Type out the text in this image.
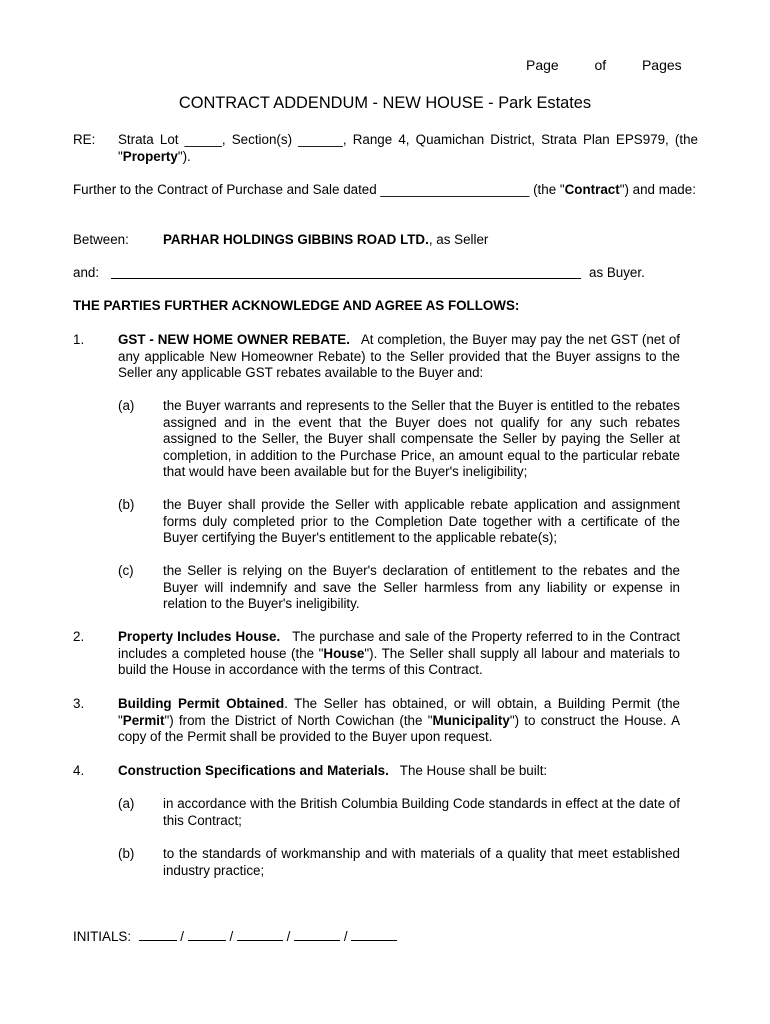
Page	of	Pages
CONTRACT ADDENDUM - NEW HOUSE - Park Estates
RE: Strata Lot _____, Section(s) ______, Range 4, Quamichan District, Strata Plan EPS979, (the "Property").
Further to the Contract of Purchase and Sale dated ____________________ (the "Contract") and made:
Between:	PARHAR HOLDINGS GIBBINS ROAD LTD., as Seller
and:	as Buyer.
THE PARTIES FURTHER ACKNOWLEDGE AND AGREE AS FOLLOWS:
1.	GST - NEW HOME OWNER REBATE. At completion, the Buyer may pay the net GST (net of any applicable New Homeowner Rebate) to the Seller provided that the Buyer assigns to the Seller any applicable GST rebates available to the Buyer and:
(a) the Buyer warrants and represents to the Seller that the Buyer is entitled to the rebates assigned and in the event that the Buyer does not qualify for any such rebates assigned to the Seller, the Buyer shall compensate the Seller by paying the Seller at completion, in addition to the Purchase Price, an amount equal to the particular rebate that would have been available but for the Buyer's ineligibility;
(b) the Buyer shall provide the Seller with applicable rebate application and assignment forms duly completed prior to the Completion Date together with a certificate of the Buyer certifying the Buyer's entitlement to the applicable rebate(s);
(c) the Seller is relying on the Buyer's declaration of entitlement to the rebates and the Buyer will indemnify and save the Seller harmless from any liability or expense in relation to the Buyer's ineligibility.
2.	Property Includes House. The purchase and sale of the Property referred to in the Contract includes a completed house (the "House"). The Seller shall supply all labour and materials to build the House in accordance with the terms of this Contract.
3.	Building Permit Obtained. The Seller has obtained, or will obtain, a Building Permit (the "Permit") from the District of North Cowichan (the "Municipality") to construct the House. A copy of the Permit shall be provided to the Buyer upon request.
4.	Construction Specifications and Materials. The House shall be built:
(a) in accordance with the British Columbia Building Code standards in effect at the date of this Contract;
(b) to the standards of workmanship and with materials of a quality that meet established industry practice;
INITIALS:	/	/	/	/
